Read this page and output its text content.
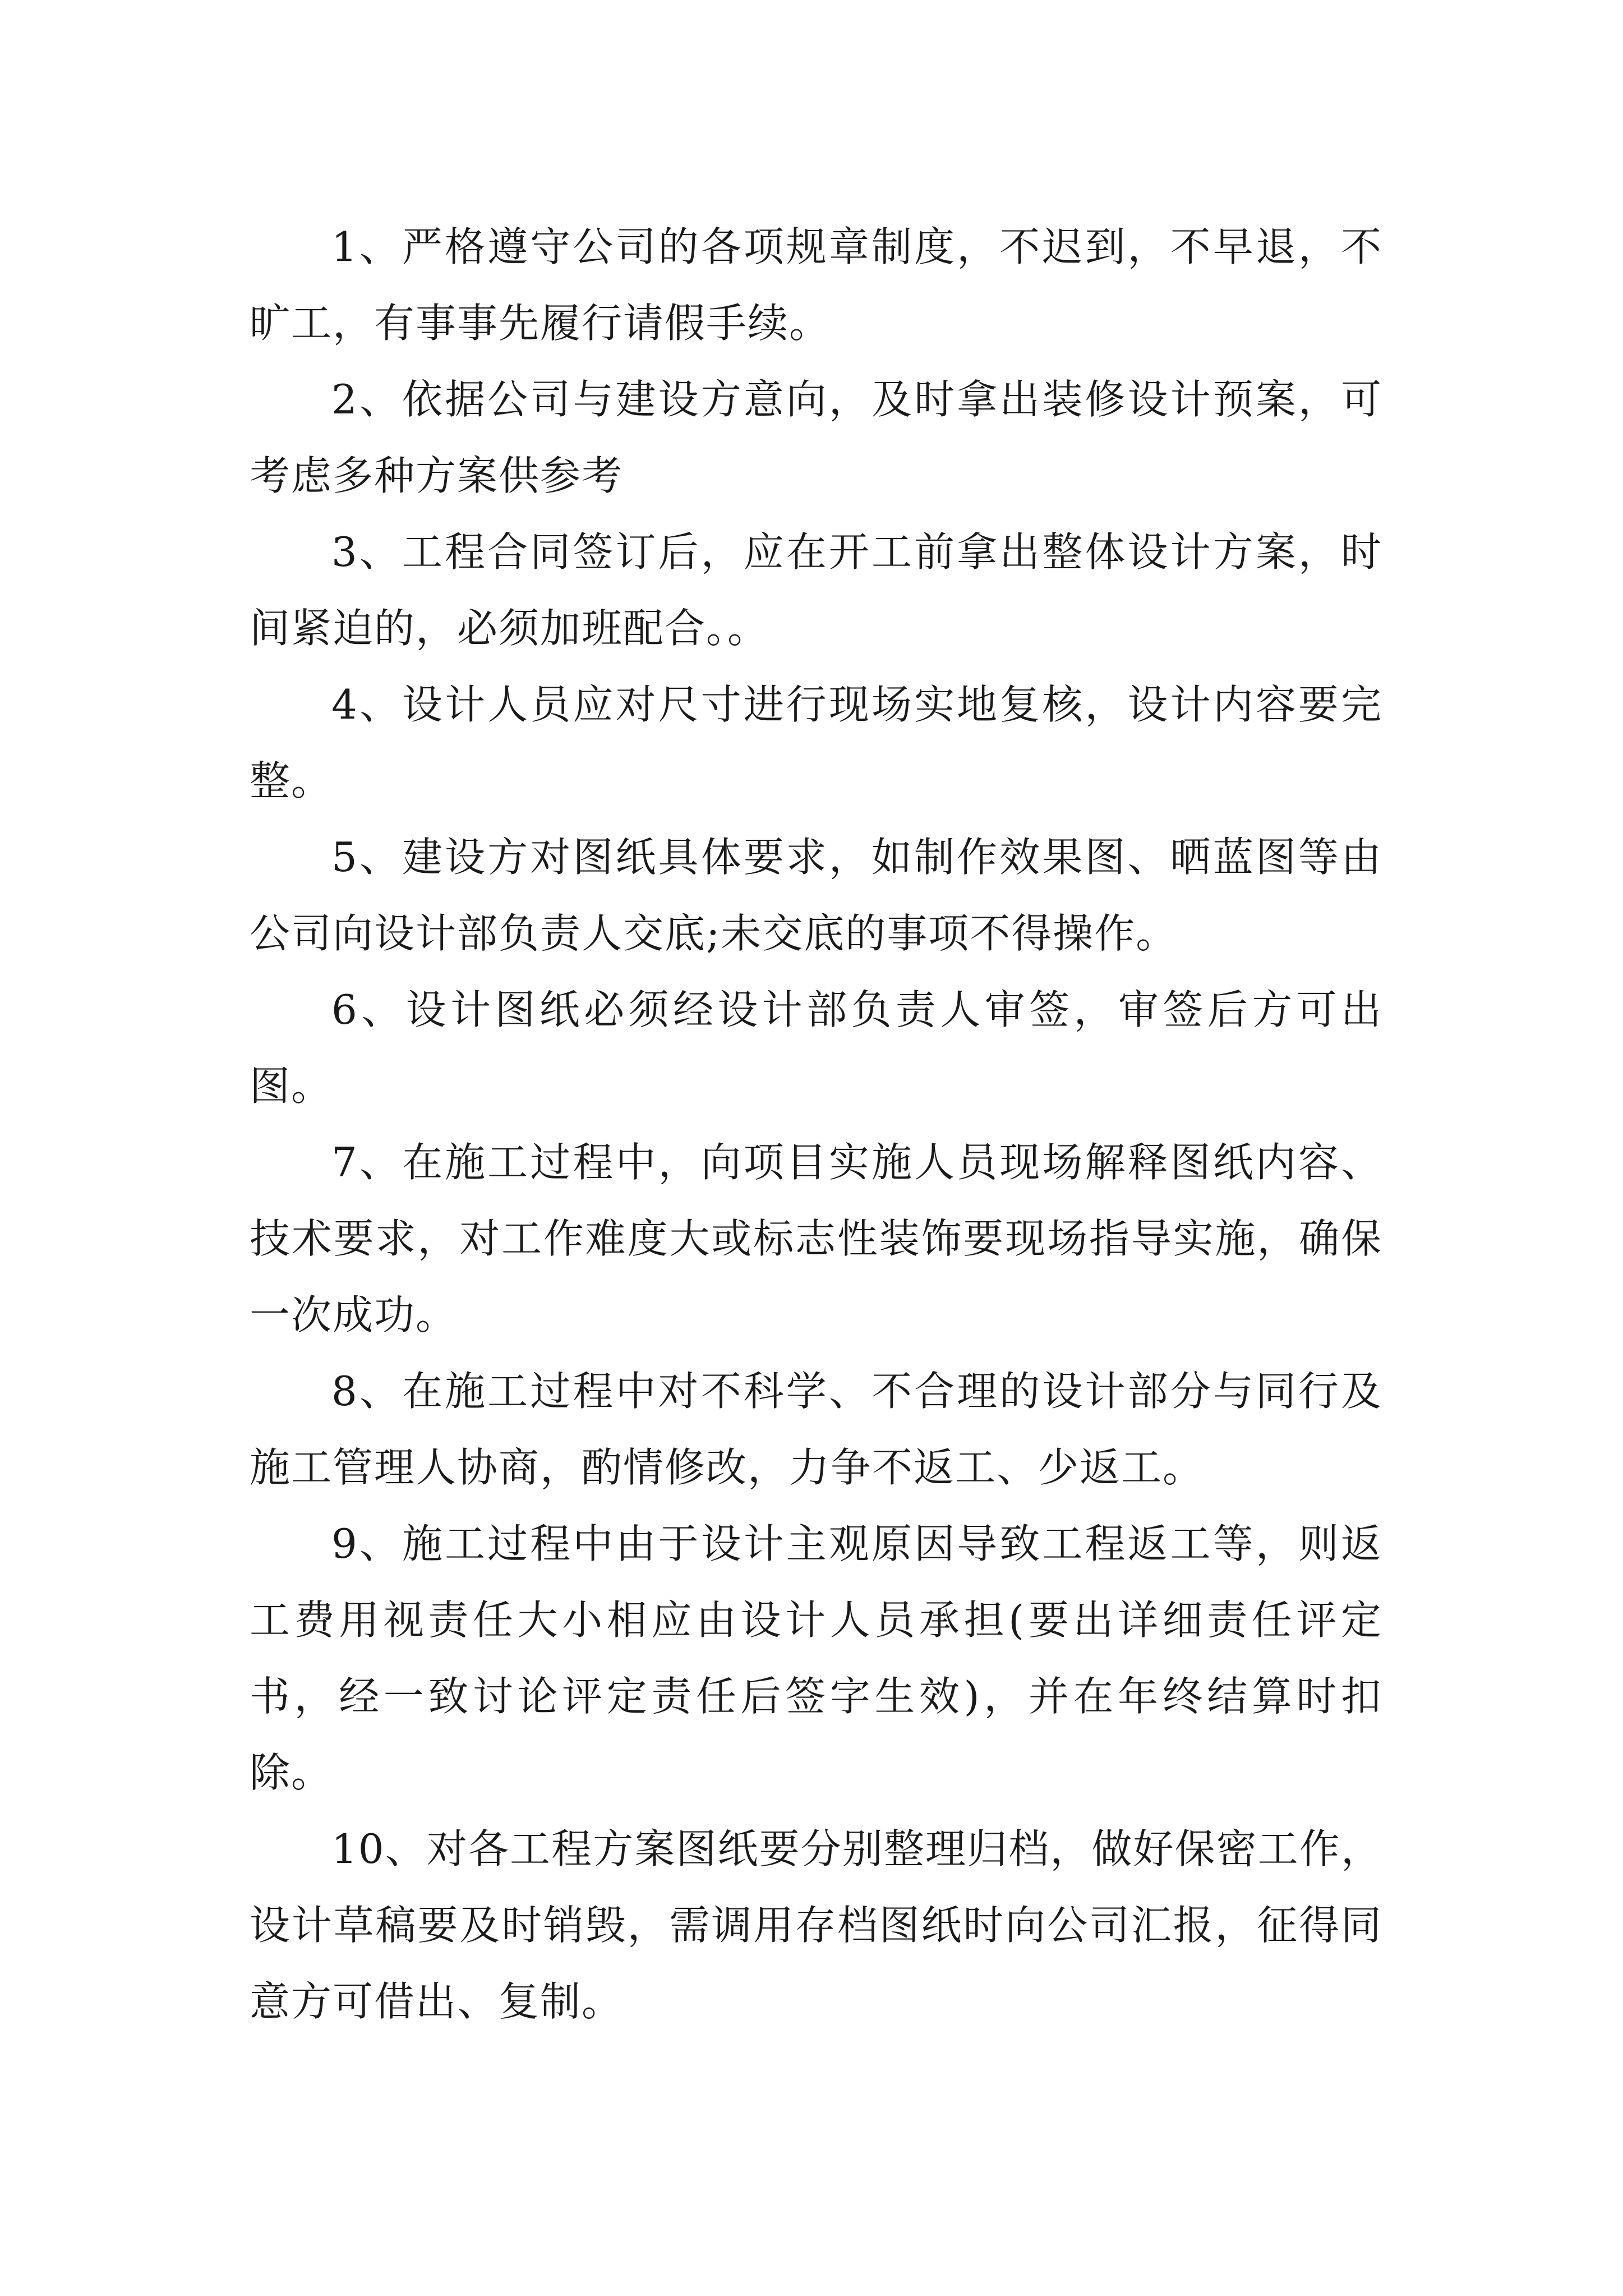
1、严格遵守公司的各项规章制度，不迟到，不早退，不旷工，有事事先履行请假手续。

2、依据公司与建设方意向，及时拿出装修设计预案，可考虑多种方案供参考

3、工程合同签订后，应在开工前拿出整体设计方案，时间紧迫的，必须加班配合。。

4、设计人员应对尺寸进行现场实地复核，设计内容要完整。

5、建设方对图纸具体要求，如制作效果图、晒蓝图等由公司向设计部负责人交底;未交底的事项不得操作。

6、设计图纸必须经设计部负责人审签，审签后方可出图。

7、在施工过程中，向项目实施人员现场解释图纸内容、技术要求，对工作难度大或标志性装饰要现场指导实施，确保一次成功。

8、在施工过程中对不科学、不合理的设计部分与同行及施工管理人协商，酌情修改，力争不返工、少返工。

9、施工过程中由于设计主观原因导致工程返工等，则返工费用视责任大小相应由设计人员承担(要出详细责任评定书，经一致讨论评定责任后签字生效)，并在年终结算时扣除。

10、对各工程方案图纸要分别整理归档，做好保密工作，设计草稿要及时销毁，需调用存档图纸时向公司汇报，征得同意方可借出、复制。
